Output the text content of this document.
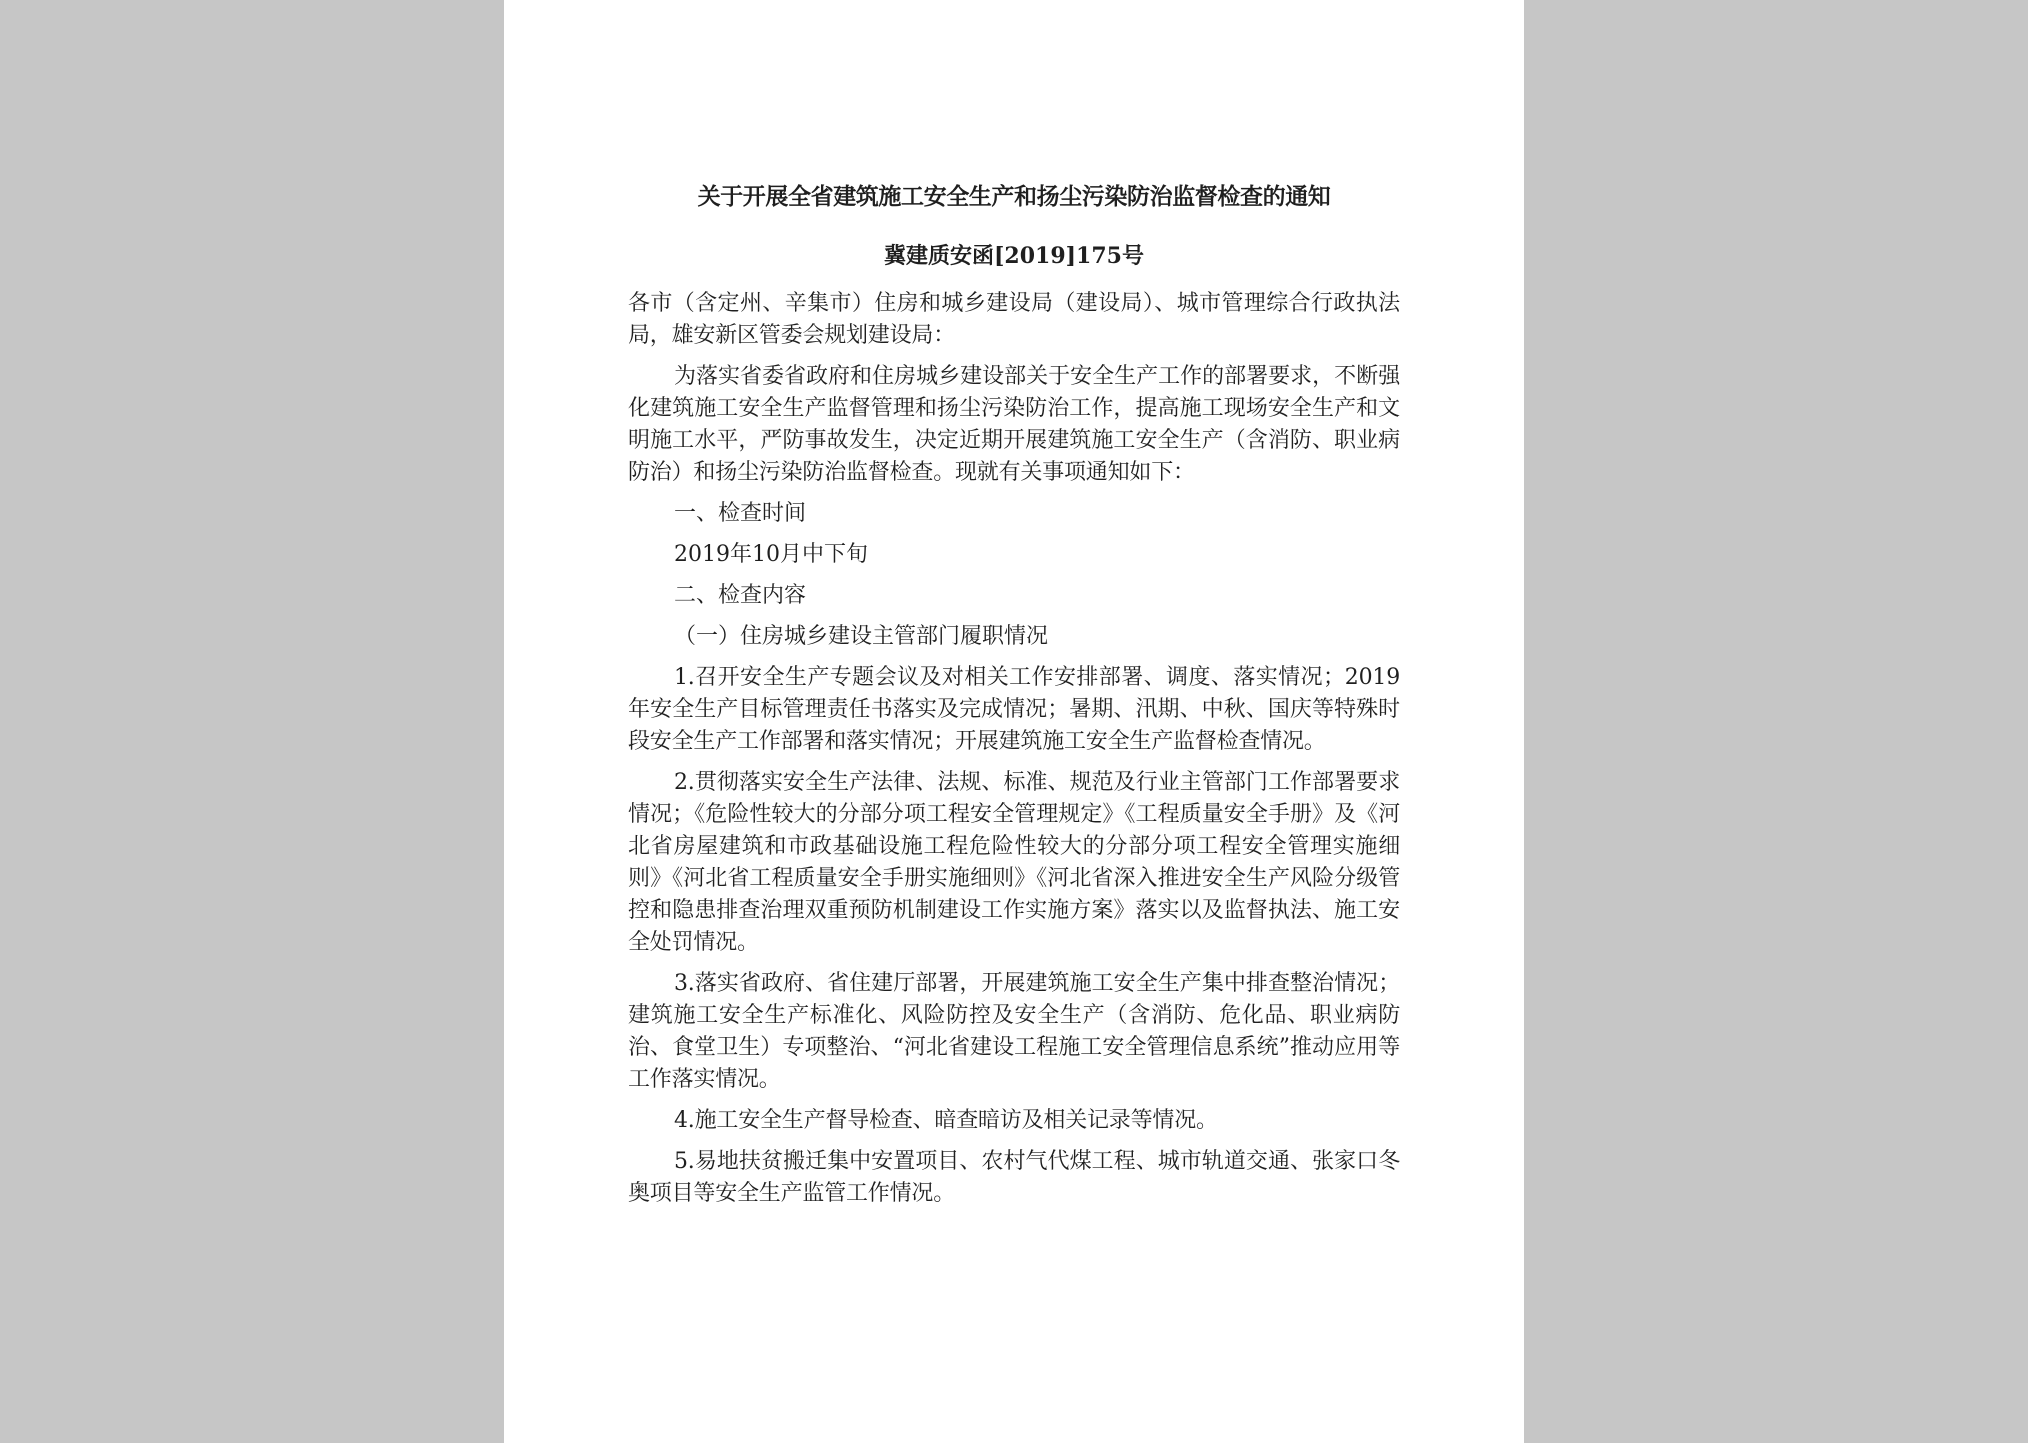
关于开展全省建筑施工安全生产和扬尘污染防治监督检查的通知
冀建质安函[2019]175号

各市（含定州、辛集市）住房和城乡建设局（建设局）、城市管理综合行政执法局，雄安新区管委会规划建设局：

为落实省委省政府和住房城乡建设部关于安全生产工作的部署要求，不断强化建筑施工安全生产监督管理和扬尘污染防治工作，提高施工现场安全生产和文明施工水平，严防事故发生，决定近期开展建筑施工安全生产（含消防、职业病防治）和扬尘污染防治监督检查。现就有关事项通知如下：

一、检查时间

2019年10月中下旬

二、检查内容

（一）住房城乡建设主管部门履职情况

1.召开安全生产专题会议及对相关工作安排部署、调度、落实情况；2019年安全生产目标管理责任书落实及完成情况；暑期、汛期、中秋、国庆等特殊时段安全生产工作部署和落实情况；开展建筑施工安全生产监督检查情况。

2.贯彻落实安全生产法律、法规、标准、规范及行业主管部门工作部署要求情况；《危险性较大的分部分项工程安全管理规定》《工程质量安全手册》及《河北省房屋建筑和市政基础设施工程危险性较大的分部分项工程安全管理实施细则》《河北省工程质量安全手册实施细则》《河北省深入推进安全生产风险分级管控和隐患排查治理双重预防机制建设工作实施方案》落实以及监督执法、施工安全处罚情况。

3.落实省政府、省住建厅部署，开展建筑施工安全生产集中排查整治情况；建筑施工安全生产标准化、风险防控及安全生产（含消防、危化品、职业病防治、食堂卫生）专项整治、“河北省建设工程施工安全管理信息系统”推动应用等工作落实情况。

4.施工安全生产督导检查、暗查暗访及相关记录等情况。

5.易地扶贫搬迁集中安置项目、农村气代煤工程、城市轨道交通、张家口冬奥项目等安全生产监管工作情况。
